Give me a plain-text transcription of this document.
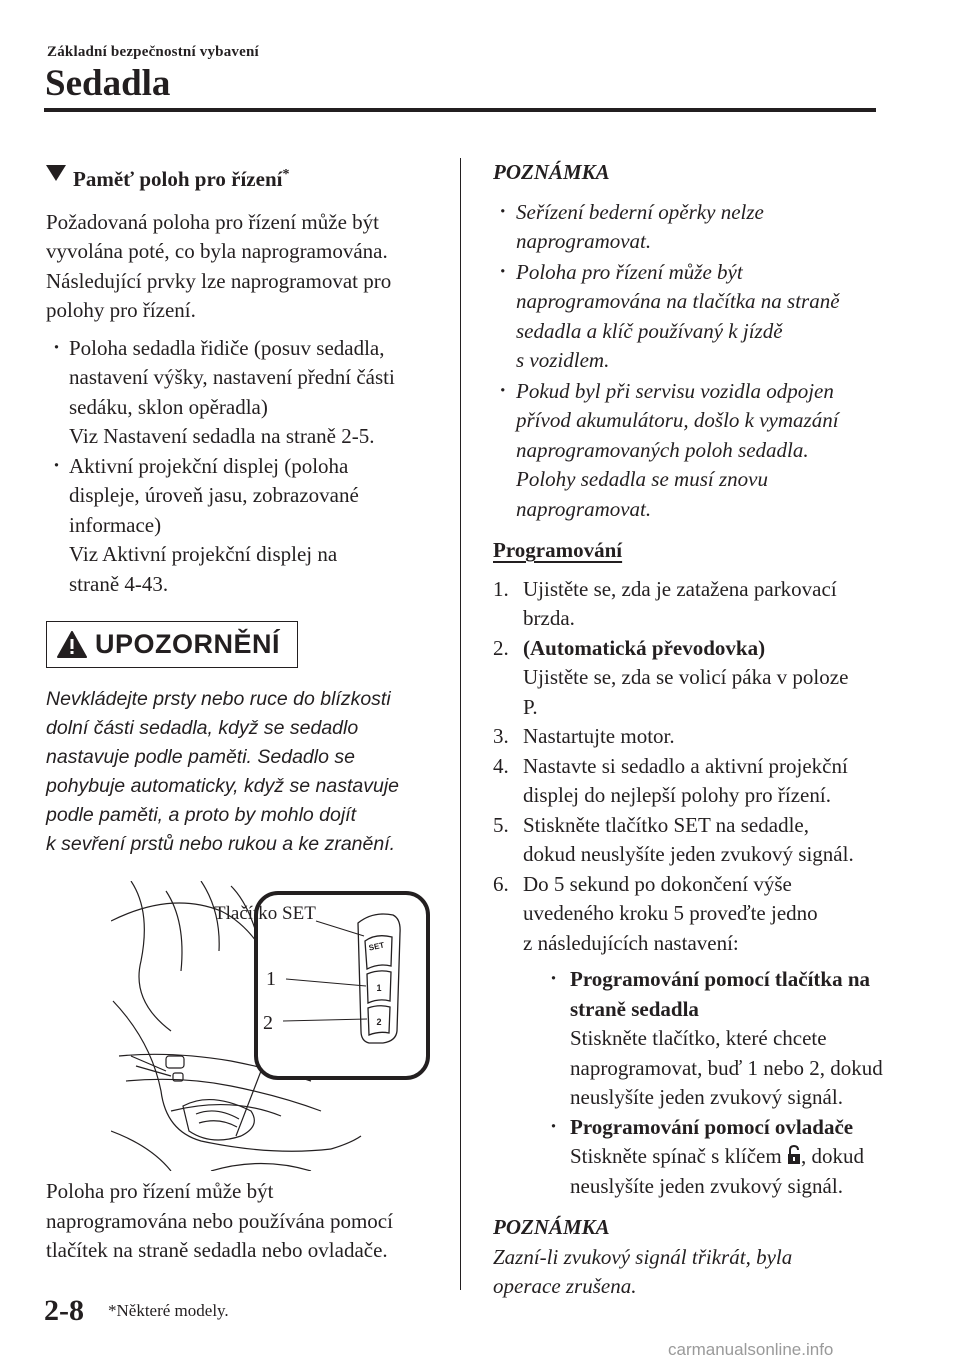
Základní bezpečnostní vybavení
Sedadla
Paměť poloh pro řízení*

Požadovaná poloha pro řízení může být

vyvolána poté, co byla naprogramována.

Následující prvky lze naprogramovat pro

polohy pro řízení.

· Poloha sedadla řidiče (posuv sedadla,

nastavení výšky, nastavení přední části

sedáku, sklon opěradla)

Viz Nastavení sedadla na straně 2-5.

· Aktivní projekční displej (poloha

displeje, úroveň jasu, zobrazované

informace)

Viz Aktivní projekční displej na

straně 4-43.

UPOZORNĚNÍ

Nevkládejte prsty nebo ruce do blízkosti

dolní části sedadla, když se sedadlo

nastavuje podle paměti. Sedadlo se

pohybuje automaticky, když se nastavuje

podle paměti, a proto by mohlo dojít

k sevření prstů nebo rukou a ke zranění.

SET
1
2
Tlačítko SET
1
2

Poloha pro řízení může být

naprogramována nebo používána pomocí

tlačítek na straně sedadla nebo ovladače.

POZNÁMKA

· Seřízení bederní opěrky nelze

naprogramovat.

· Poloha pro řízení může být

naprogramována na tlačítka na straně

sedadla a klíč používaný k jízdě

s vozidlem.

· Pokud byl při servisu vozidla odpojen

přívod akumulátoru, došlo k vymazání

naprogramovaných poloh sedadla.

Polohy sedadla se musí znovu

naprogramovat.

Programování
1. Ujistěte se, zda je zatažena parkovací

brzda.

2. (Automatická převodovka)

Ujistěte se, zda se volicí páka v poloze

P.

3. Nastartujte motor.

4. Nastavte si sedadlo a aktivní projekční

displej do nejlepší polohy pro řízení.

5. Stiskněte tlačítko SET na sedadle,

dokud neuslyšíte jeden zvukový signál.

6. Do 5 sekund po dokončení výše

uvedeného kroku 5 proveďte jedno

z následujících nastavení:

· Programování pomocí tlačítka na

straně sedadla

Stiskněte tlačítko, které chcete

naprogramovat, buď 1 nebo 2, dokud

neuslyšíte jeden zvukový signál.

· Programování pomocí ovladače

Stiskněte spínač s klíčem , dokud

neuslyšíte jeden zvukový signál.

POZNÁMKA

Zazní-li zvukový signál třikrát, byla

operace zrušena.

2-8 *Některé modely.
carmanualsonline.info
